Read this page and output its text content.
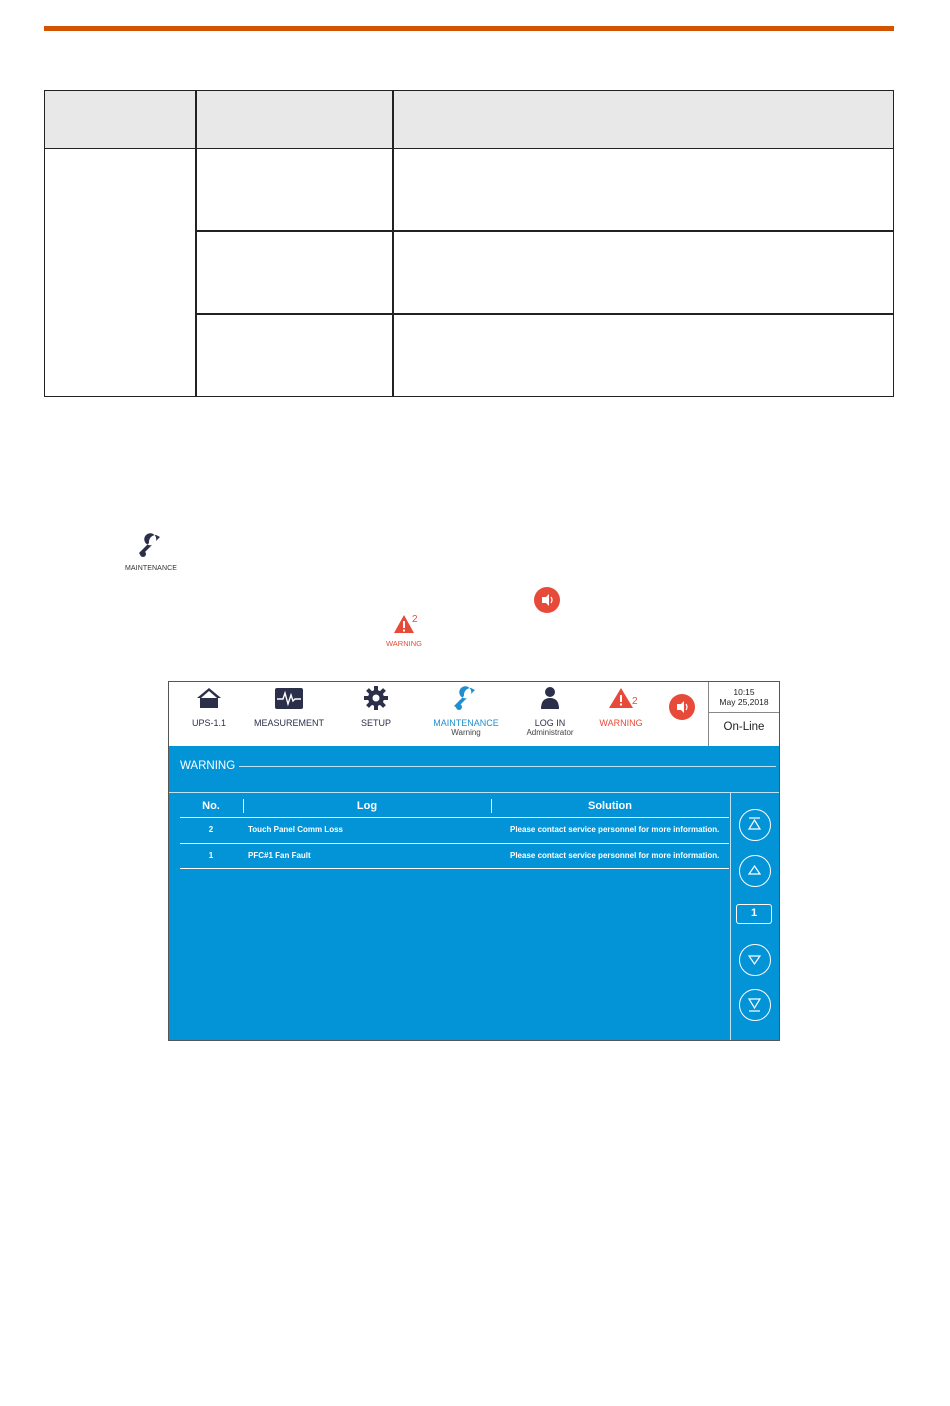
MAINTENANCE
2
WARNING
UPS-1.1	MEASUREMENT	SETUP	MAINTENANCE
Warning
LOG IN
Administrator
2
WARNING
10:15
May 25,2018
On-Line
WARNING
No.	Log	Solution
2	Touch Panel Comm Loss	Please contact service personnel for more information.
1	PFC#1 Fan Fault	Please contact service personnel for more information.
1
